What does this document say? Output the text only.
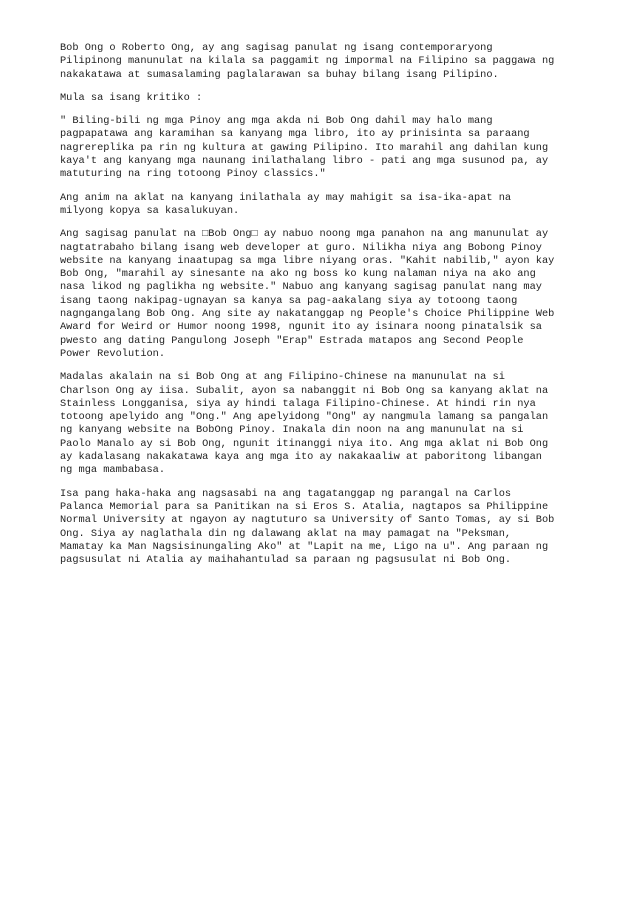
Bob Ong o Roberto Ong, ay ang sagisag panulat ng isang contemporaryong
Pilipinong manunulat na kilala sa paggamit ng impormal na Filipino sa paggawa ng
nakakatawa at sumasalaming paglalarawan sa buhay bilang isang Pilipino.

Mula sa isang kritiko :

" Biling-bili ng mga Pinoy ang mga akda ni Bob Ong dahil may halo mang
pagpapatawa ang karamihan sa kanyang mga libro, ito ay prinisinta sa paraang
nagrereplika pa rin ng kultura at gawing Pilipino. Ito marahil ang dahilan kung
kaya't ang kanyang mga naunang inilathalang libro - pati ang mga susunod pa, ay
matuturing na ring totoong Pinoy classics."

Ang anim na aklat na kanyang inilathala ay may mahigit sa isa-ika-apat na
milyong kopya sa kasalukuyan.

Ang sagisag panulat na □Bob Ong□ ay nabuo noong mga panahon na ang manunulat ay
nagtatrabaho bilang isang web developer at guro. Nilikha niya ang Bobong Pinoy
website na kanyang inaatupag sa mga libre niyang oras. "Kahit nabilib," ayon kay
Bob Ong, "marahil ay sinesante na ako ng boss ko kung nalaman niya na ako ang
nasa likod ng paglikha ng website." Nabuo ang kanyang sagisag panulat nang may
isang taong nakipag-ugnayan sa kanya sa pag-aakalang siya ay totoong taong
nagngangalang Bob Ong. Ang site ay nakatanggap ng People's Choice Philippine Web
Award for Weird or Humor noong 1998, ngunit ito ay isinara noong pinatalsik sa
pwesto ang dating Pangulong Joseph "Erap" Estrada matapos ang Second People
Power Revolution.

Madalas akalain na si Bob Ong at ang Filipino-Chinese na manunulat na si
Charlson Ong ay iisa. Subalit, ayon sa nabanggit ni Bob Ong sa kanyang aklat na
Stainless Longganisa, siya ay hindi talaga Filipino-Chinese. At hindi rin nya
totoong apelyido ang "Ong." Ang apelyidong "Ong" ay nangmula lamang sa pangalan
ng kanyang website na BobOng Pinoy. Inakala din noon na ang manunulat na si
Paolo Manalo ay si Bob Ong, ngunit itinanggi niya ito. Ang mga aklat ni Bob Ong
ay kadalasang nakakatawa kaya ang mga ito ay nakakaaliw at paboritong libangan
ng mga mambabasa.

Isa pang haka-haka ang nagsasabi na ang tagatanggap ng parangal na Carlos
Palanca Memorial para sa Panitikan na si Eros S. Atalia, nagtapos sa Philippine
Normal University at ngayon ay nagtuturo sa University of Santo Tomas, ay si Bob
Ong. Siya ay naglathala din ng dalawang aklat na may pamagat na "Peksman,
Mamatay ka Man Nagsisinungaling Ako" at "Lapit na me, Ligo na u". Ang paraan ng
pagsusulat ni Atalia ay maihahantulad sa paraan ng pagsusulat ni Bob Ong.
